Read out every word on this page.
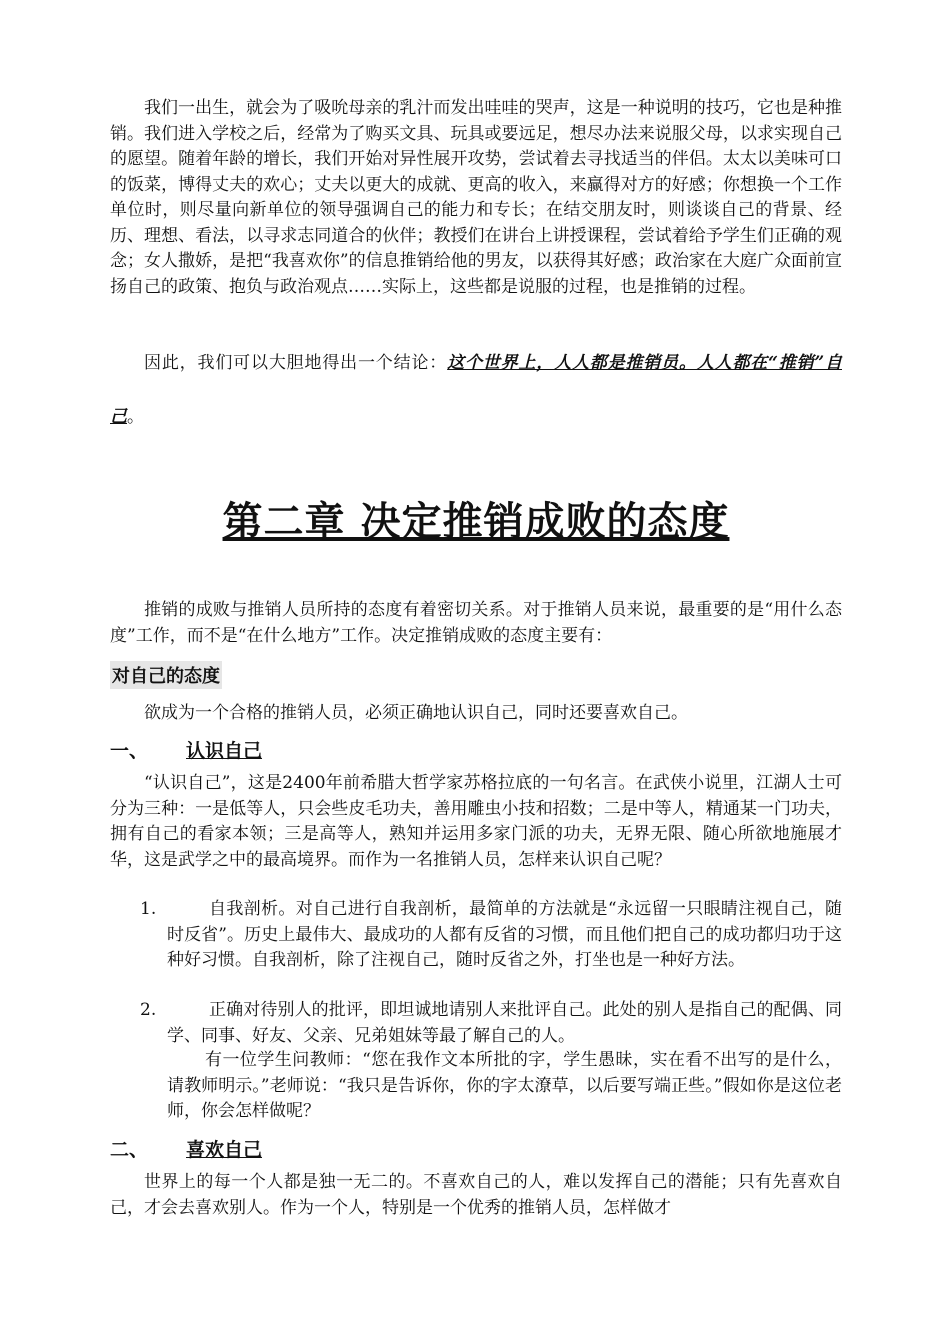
我们一出生，就会为了吸吮母亲的乳汁而发出哇哇的哭声，这是一种说明的技巧，它也是种推销。我们进入学校之后，经常为了购买文具、玩具或要远足，想尽办法来说服父母，以求实现自己的愿望。随着年龄的增长，我们开始对异性展开攻势，尝试着去寻找适当的伴侣。太太以美味可口的饭菜，博得丈夫的欢心；丈夫以更大的成就、更高的收入，来赢得对方的好感；你想换一个工作单位时，则尽量向新单位的领导强调自己的能力和专长；在结交朋友时，则谈谈自己的背景、经历、理想、看法，以寻求志同道合的伙伴；教授们在讲台上讲授课程，尝试着给予学生们正确的观念；女人撒娇，是把“我喜欢你”的信息推销给他的男友，以获得其好感；政治家在大庭广众面前宣扬自己的政策、抱负与政治观点……实际上，这些都是说服的过程，也是推销的过程。

因此，我们可以大胆地得出一个结论：这个世界上，人人都是推销员。人人都在“推销”自己。

第二章 决定推销成败的态度

推销的成败与推销人员所持的态度有着密切关系。对于推销人员来说，最重要的是“用什么态度”工作，而不是“在什么地方”工作。决定推销成败的态度主要有：

对自己的态度

欲成为一个合格的推销人员，必须正确地认识自己，同时还要喜欢自己。

一、 认识自己

“认识自己”，这是2400年前希腊大哲学家苏格拉底的一句名言。在武侠小说里，江湖人士可分为三种：一是低等人，只会些皮毛功夫，善用雕虫小技和招数；二是中等人，精通某一门功夫，拥有自己的看家本领；三是高等人，熟知并运用多家门派的功夫，无界无限、随心所欲地施展才华，这是武学之中的最高境界。而作为一名推销人员，怎样来认识自己呢？

1.	自我剖析。对自己进行自我剖析，最简单的方法就是“永远留一只眼睛注视自己，随时反省”。历史上最伟大、最成功的人都有反省的习惯，而且他们把自己的成功都归功于这种好习惯。自我剖析，除了注视自己，随时反省之外，打坐也是一种好方法。

2.	正确对待别人的批评，即坦诚地请别人来批评自己。此处的别人是指自己的配偶、同学、同事、好友、父亲、兄弟姐妹等最了解自己的人。

有一位学生问教师：“您在我作文本所批的字，学生愚昧，实在看不出写的是什么，请教师明示。”老师说：“我只是告诉你，你的字太潦草，以后要写端正些。”假如你是这位老师，你会怎样做呢？

二、 喜欢自己

世界上的每一个人都是独一无二的。不喜欢自己的人，难以发挥自己的潜能；只有先喜欢自己，才会去喜欢别人。作为一个人，特别是一个优秀的推销人员，怎样做才
